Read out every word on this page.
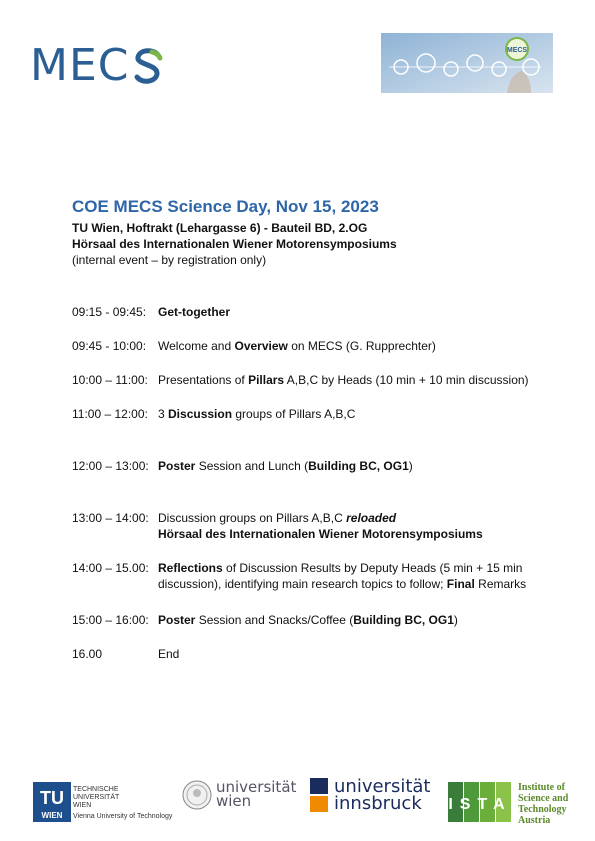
MEC	MECS
COE MECS Science Day, Nov 15, 2023
TU Wien, Hoftrakt (Lehargasse 6) - Bauteil BD, 2.OG
Hörsaal des Internationalen Wiener Motorensymposiums
(internal event – by registration only)
09:15 - 09:45: Get-together
09:45 - 10:00: Welcome and Overview on MECS (G. Rupprechter)
10:00 – 11:00: Presentations of Pillars A,B,C by Heads (10 min + 10 min discussion)
11:00 – 12:00: 3 Discussion groups of Pillars A,B,C
12:00 – 13:00: Poster Session and Lunch (Building BC, OG1)
13:00 – 14:00: Discussion groups on Pillars A,B,C reloaded
Hörsaal des Internationalen Wiener Motorensymposiums
14:00 – 15.00: Reflections of Discussion Results by Deputy Heads (5 min + 15 min discussion), identifying main research topics to follow; Final Remarks
15:00 – 16:00: Poster Session and Snacks/Coffee (Building BC, OG1)
16.00	End
TU
WIEN
TECHNISCHE
UNIVERSITÄT
WIEN
Vienna University of Technology
universität
wien
universität
innsbruck	ISTA
Institute of
Science and
Technology
Austria
